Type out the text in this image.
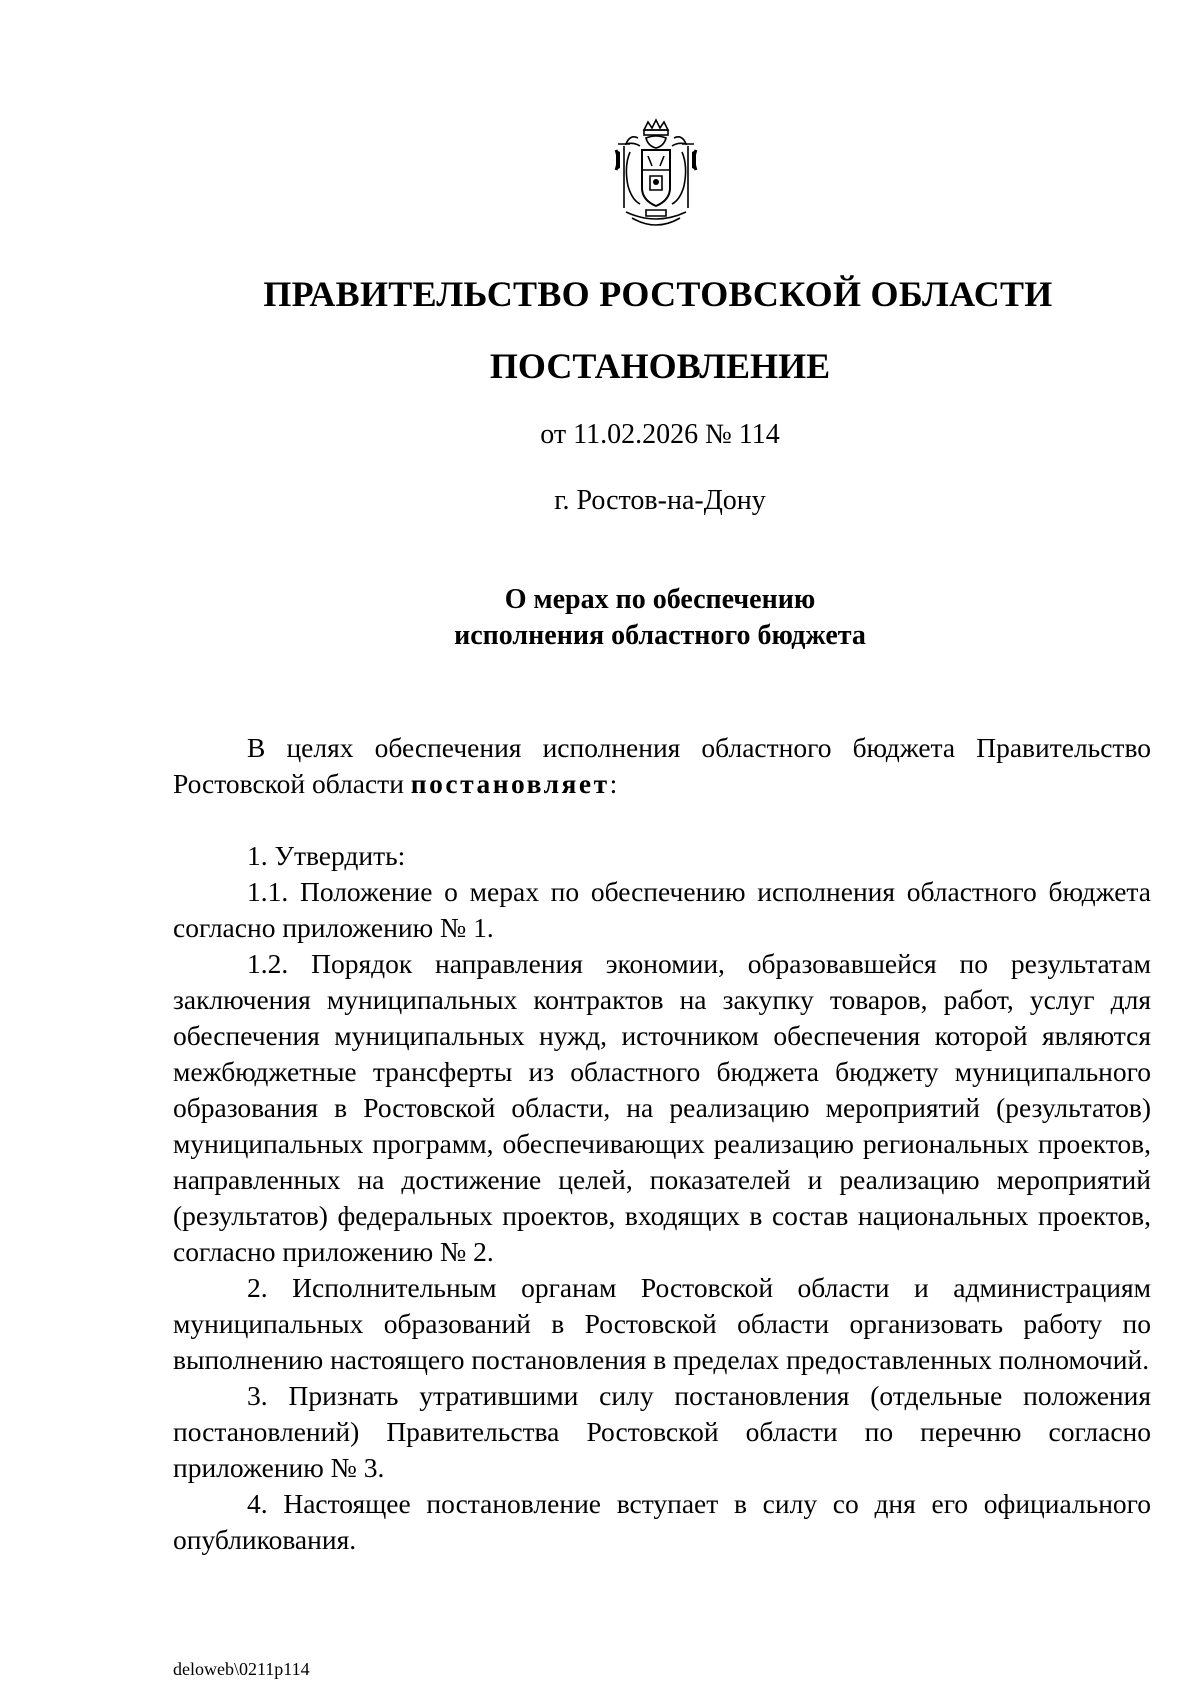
ПРАВИТЕЛЬСТВО РОСТОВСКОЙ ОБЛАСТИ
ПОСТАНОВЛЕНИЕ
от 11.02.2026 № 114
г. Ростов-на-Дону
О мерах по обеспечению
исполнения областного бюджета

В целях обеспечения исполнения областного бюджета Правительство Ростовской области постановляет:

1. Утвердить:

1.1. Положение о мерах по обеспечению исполнения областного бюджета согласно приложению № 1.

1.2. Порядок направления экономии, образовавшейся по результатам заключения муниципальных контрактов на закупку товаров, работ, услуг для обеспечения муниципальных нужд, источником обеспечения которой являются межбюджетные трансферты из областного бюджета бюджету муниципального образования в Ростовской области, на реализацию мероприятий (результатов) муниципальных программ, обеспечивающих реализацию региональных проектов, направленных на достижение целей, показателей и реализацию мероприятий (результатов) федеральных проектов, входящих в состав национальных проектов, согласно приложению № 2.

2. Исполнительным органам Ростовской области и администрациям муниципальных образований в Ростовской области организовать работу по выполнению настоящего постановления в пределах предоставленных полномочий.

3. Признать утратившими силу постановления (отдельные положения постановлений) Правительства Ростовской области по перечню согласно приложению № 3.

4. Настоящее постановление вступает в силу со дня его официального опубликования.

deloweb\0211p114
